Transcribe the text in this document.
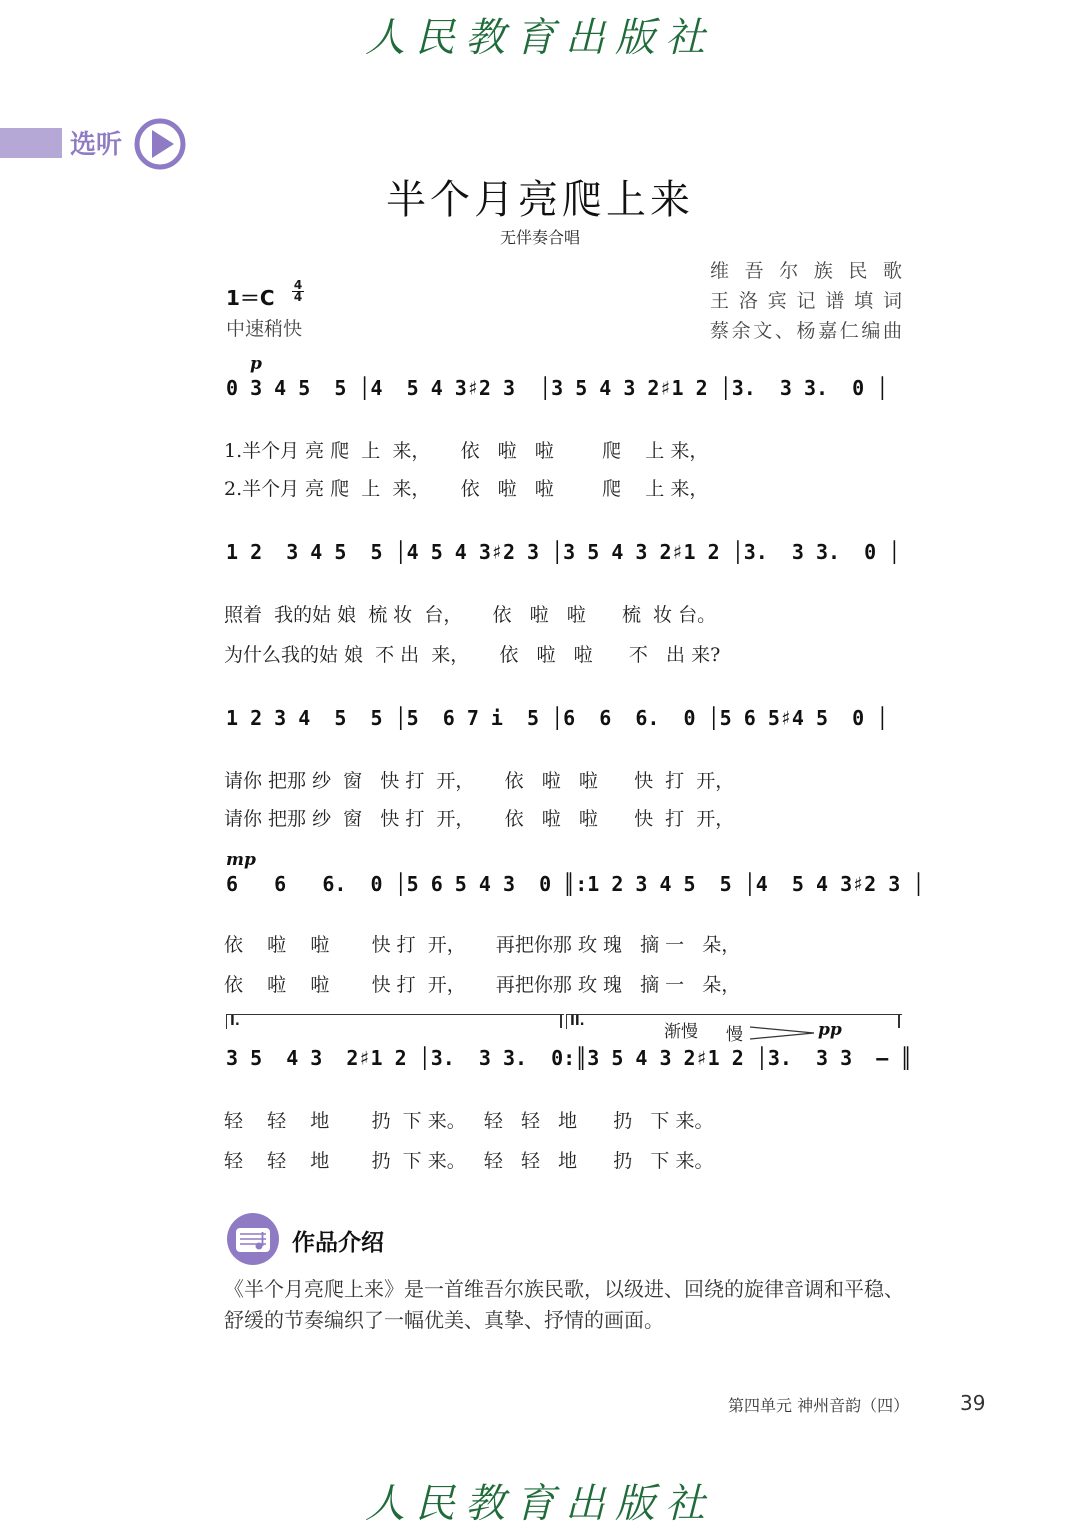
人民教育出版社
选听
半个月亮爬上来
无伴奏合唱
维吾尔族民歌
王洛宾记谱填词
蔡余文、杨嘉仁编曲
$1=C \frac{4}{4}$
中速稍快
p
0 3 4 5  5 │4  5 4 3♯2 3  │3 5 4 3 2♯1 2 │3.  3 3.  0 │
1.半个月 亮 爬  上  来，     依   啦   啦        爬    上 来，
2.半个月 亮 爬  上  来，     依   啦   啦        爬    上 来，
1 2  3 4 5  5 │4 5 4 3♯2 3 │3 5 4 3 2♯1 2 │3.  3 3.  0 │
照着  我的姑 娘  梳 妆  台，     依   啦   啦      梳  妆 台。
为什么我的姑 娘  不 出  来，     依   啦   啦      不   出 来?
1 2 3 4  5  5 │5  6 7 i  5 │6  6  6.  0 │5 6 5♯4 5  0 │
请你 把那 纱  窗   快 打  开，     依   啦   啦      快  打  开，
请你 把那 纱  窗   快 打  开，     依   啦   啦      快  打  开，
mp
6   6   6.  0 │5 6 5 4 3  0 ║:1 2 3 4 5  5 │4  5 4 3♯2 3 │
依    啦    啦       快 打  开，     再把你那 玫 瑰   摘 一   朵，
依    啦    啦       快 打  开，     再把你那 玫 瑰   摘 一   朵，
I.	II.
渐慢 慢	pp
3 5  4 3  2♯1 2 │3.  3 3.  0:║3 5 4 3 2♯1 2 │3.  3 3  – ║
轻    轻    地       扔  下 来。   轻   轻   地      扔   下 来。
轻    轻    地       扔  下 来。   轻   轻   地      扔   下 来。
作品介绍
《半个月亮爬上来》是一首维吾尔族民歌，以级进、回绕的旋律音调和平稳、舒缓的节奏编织了一幅优美、真挚、抒情的画面。
第四单元 神州音韵（四）	39
人民教育出版社
